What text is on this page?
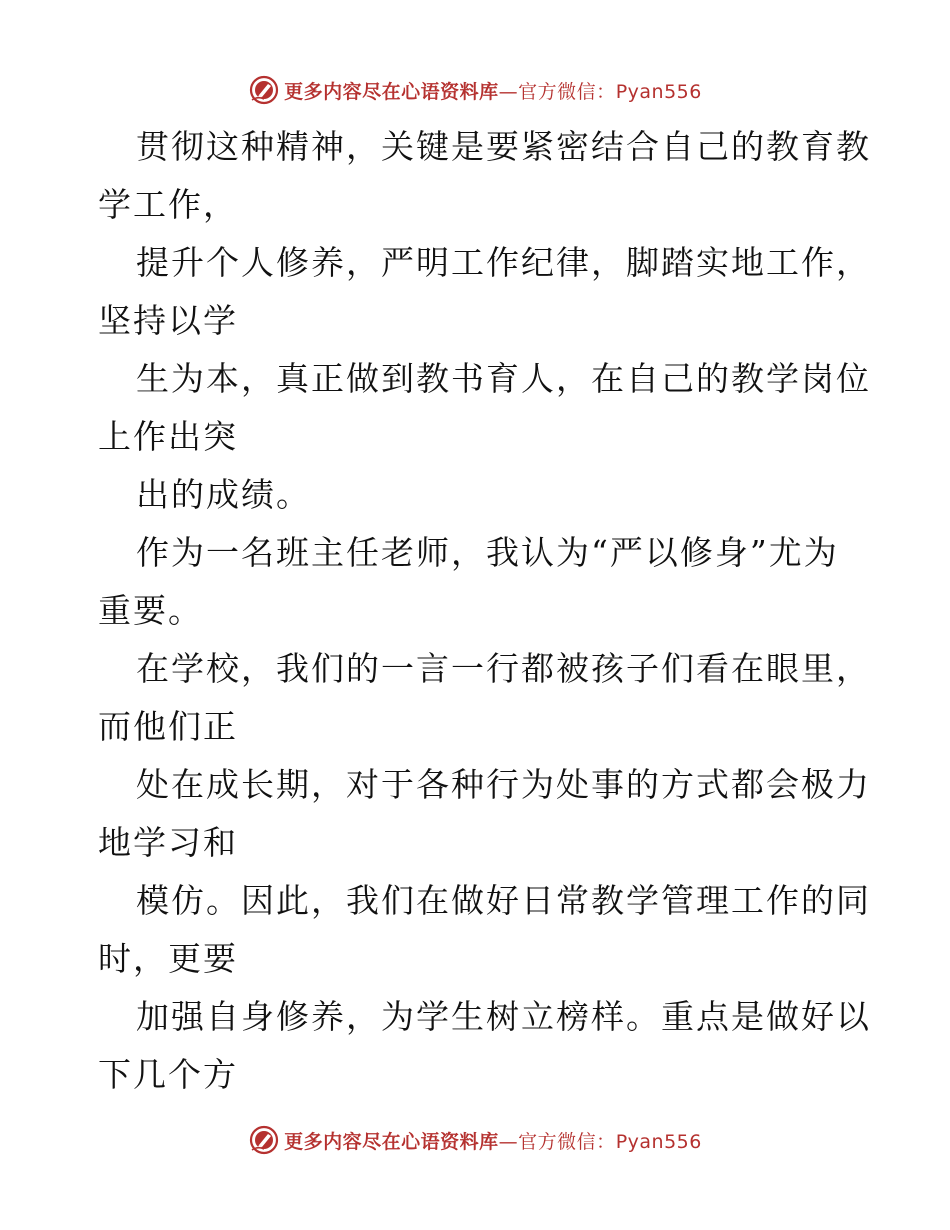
更多内容尽在心语资料库—官方微信：Pyan556

贯彻这种精神，关键是要紧密结合自己的教育教
学工作，

提升个人修养，严明工作纪律，脚踏实地工作，
坚持以学

生为本，真正做到教书育人，在自己的教学岗位
上作出突

出的成绩。

作为一名班主任老师，我认为“严以修身”尤为
重要。

在学校，我们的一言一行都被孩子们看在眼里，
而他们正

处在成长期，对于各种行为处事的方式都会极力
地学习和

模仿。因此，我们在做好日常教学管理工作的同
时，更要

加强自身修养，为学生树立榜样。重点是做好以
下几个方

更多内容尽在心语资料库—官方微信：Pyan556
